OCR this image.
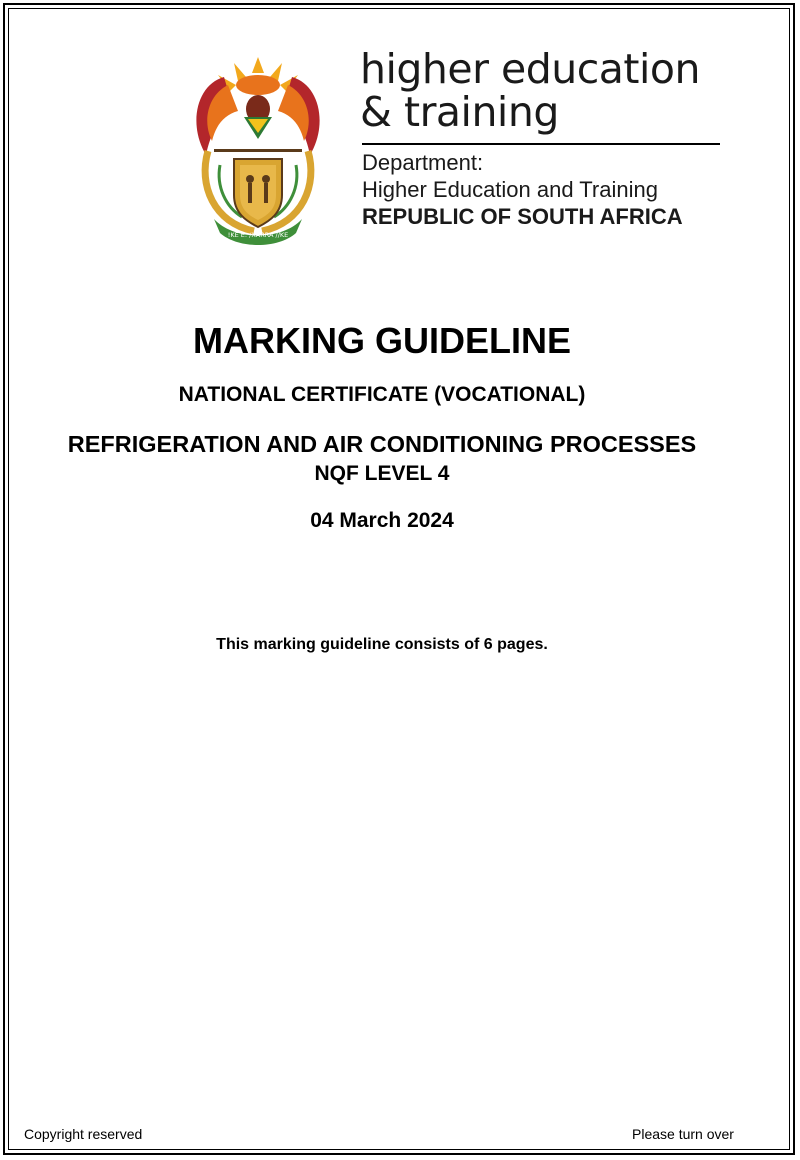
!KE E: /XARRA //KE
higher education
& training
Department:
Higher Education and Training
REPUBLIC OF SOUTH AFRICA
MARKING GUIDELINE
NATIONAL CERTIFICATE (VOCATIONAL)
REFRIGERATION AND AIR CONDITIONING PROCESSES
NQF LEVEL 4
04 March 2024
This marking guideline consists of 6 pages.
Copyright reserved	Please turn over
